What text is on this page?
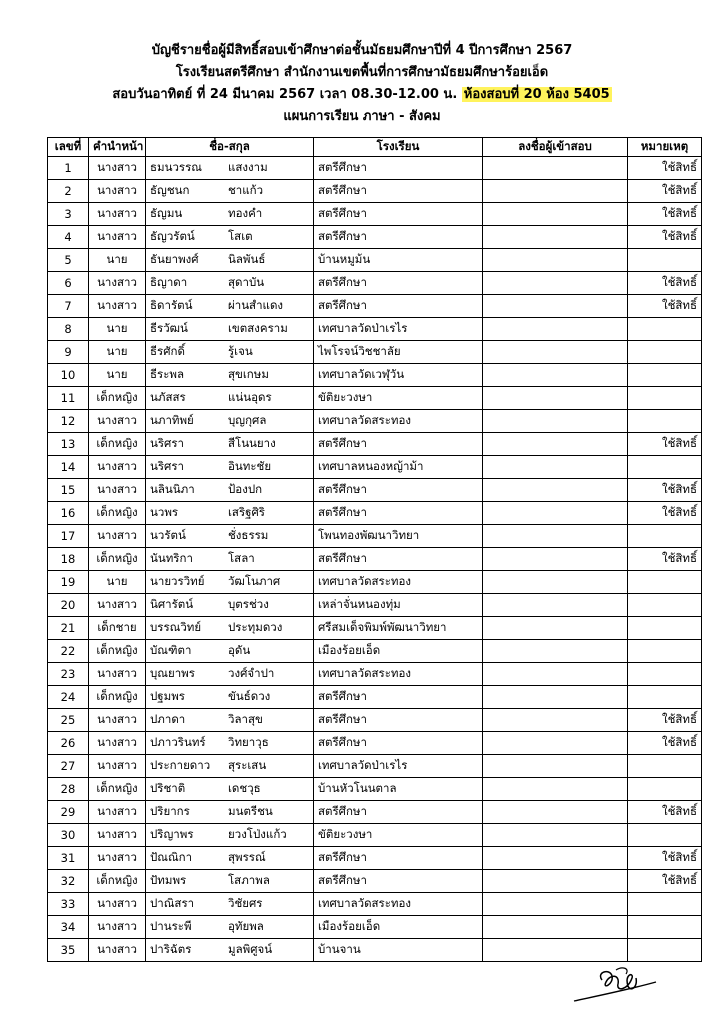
บัญชีรายชื่อผู้มีสิทธิ์สอบเข้าศึกษาต่อชั้นมัธยมศึกษาปีที่ 4 ปีการศึกษา 2567
โรงเรียนสตรีศึกษา สำนักงานเขตพื้นที่การศึกษามัธยมศึกษาร้อยเอ็ด
สอบวันอาทิตย์ ที่ 24 มีนาคม 2567 เวลา 08.30-12.00 น. ห้องสอบที่ 20 ห้อง 5405
แผนการเรียน ภาษา - สังคม
เลขที่	คำนำหน้า	ชื่อ-สกุล	โรงเรียน	ลงชื่อผู้เข้าสอบ	หมายเหตุ
1	นางสาว	ธมนวรรณ แสงงาม	สตรีศึกษา		ใช้สิทธิ์
2	นางสาว	ธัญชนก ชาแก้ว	สตรีศึกษา		ใช้สิทธิ์
3	นางสาว	ธัญมน ทองคำ	สตรีศึกษา		ใช้สิทธิ์
4	นางสาว	ธัญวรัตน์ โสเต	สตรีศึกษา		ใช้สิทธิ์
5	นาย	ธันยาพงศ์ นิลพันธ์	บ้านหมูม้น		
6	นางสาว	ธิญาดา สุดาบัน	สตรีศึกษา		ใช้สิทธิ์
7	นางสาว	ธิดารัตน์ ผ่านสำแดง	สตรีศึกษา		ใช้สิทธิ์
8	นาย	ธีรวัฒน์ เขตสงคราม	เทศบาลวัดป่าเรไร		
9	นาย	ธีรศักดิ์ รู้เจน	ไพโรจน์วิชชาลัย		
10	นาย	ธีระพล สุขเกษม	เทศบาลวัดเวฬุวัน		
11	เด็กหญิง	นภัสสร แน่นอุดร	ขัติยะวงษา		
12	นางสาว	นภาทิพย์ บุญกุศล	เทศบาลวัดสระทอง		
13	เด็กหญิง	นริศรา สีโนนยาง	สตรีศึกษา		ใช้สิทธิ์
14	นางสาว	นริศรา อินทะชัย	เทศบาลหนองหญ้าม้า		
15	นางสาว	นลินนิภา ป้องปก	สตรีศึกษา		ใช้สิทธิ์
16	เด็กหญิง	นวพร เสริฐศิริ	สตรีศึกษา		ใช้สิทธิ์
17	นางสาว	นวรัตน์ ชั่งธรรม	โพนทองพัฒนาวิทยา		
18	เด็กหญิง	นันทริกา โสลา	สตรีศึกษา		ใช้สิทธิ์
19	นาย	นายวรวิทย์ วัฒโนภาศ	เทศบาลวัดสระทอง		
20	นางสาว	นิศารัตน์ บุตรช่วง	เหล่าจั่นหนองทุ่ม		
21	เด็กชาย	บรรณวิทย์ ประทุมดวง	ศรีสมเด็จพิมพ์พัฒนาวิทยา		
22	เด็กหญิง	บัณฑิตา อุดัน	เมืองร้อยเอ็ด		
23	นางสาว	บุณยาพร วงศ์จำปา	เทศบาลวัดสระทอง		
24	เด็กหญิง	ปฐมพร ขันธ์ดวง	สตรีศึกษา		
25	นางสาว	ปภาดา วิลาสุข	สตรีศึกษา		ใช้สิทธิ์
26	นางสาว	ปภาวรินทร์ วิทยาวุธ	สตรีศึกษา		ใช้สิทธิ์
27	นางสาว	ประกายดาว สุระเสน	เทศบาลวัดป่าเรไร		
28	เด็กหญิง	ปริชาติ เดชวุธ	บ้านหัวโนนตาล		
29	นางสาว	ปริยากร มนตรีชน	สตรีศึกษา		ใช้สิทธิ์
30	นางสาว	ปริญาพร ยวงโป่งแก้ว	ขัติยะวงษา		
31	นางสาว	ปัณณิกา สุพรรณ์	สตรีศึกษา		ใช้สิทธิ์
32	เด็กหญิง	ปัทมพร โสภาพล	สตรีศึกษา		ใช้สิทธิ์
33	นางสาว	ปาณิสรา วิชัยศร	เทศบาลวัดสระทอง		
34	นางสาว	ปานระพี อุทัยพล	เมืองร้อยเอ็ด		
35	นางสาว	ปาริฉัตร มูลพิศูจน์	บ้านจาน		
